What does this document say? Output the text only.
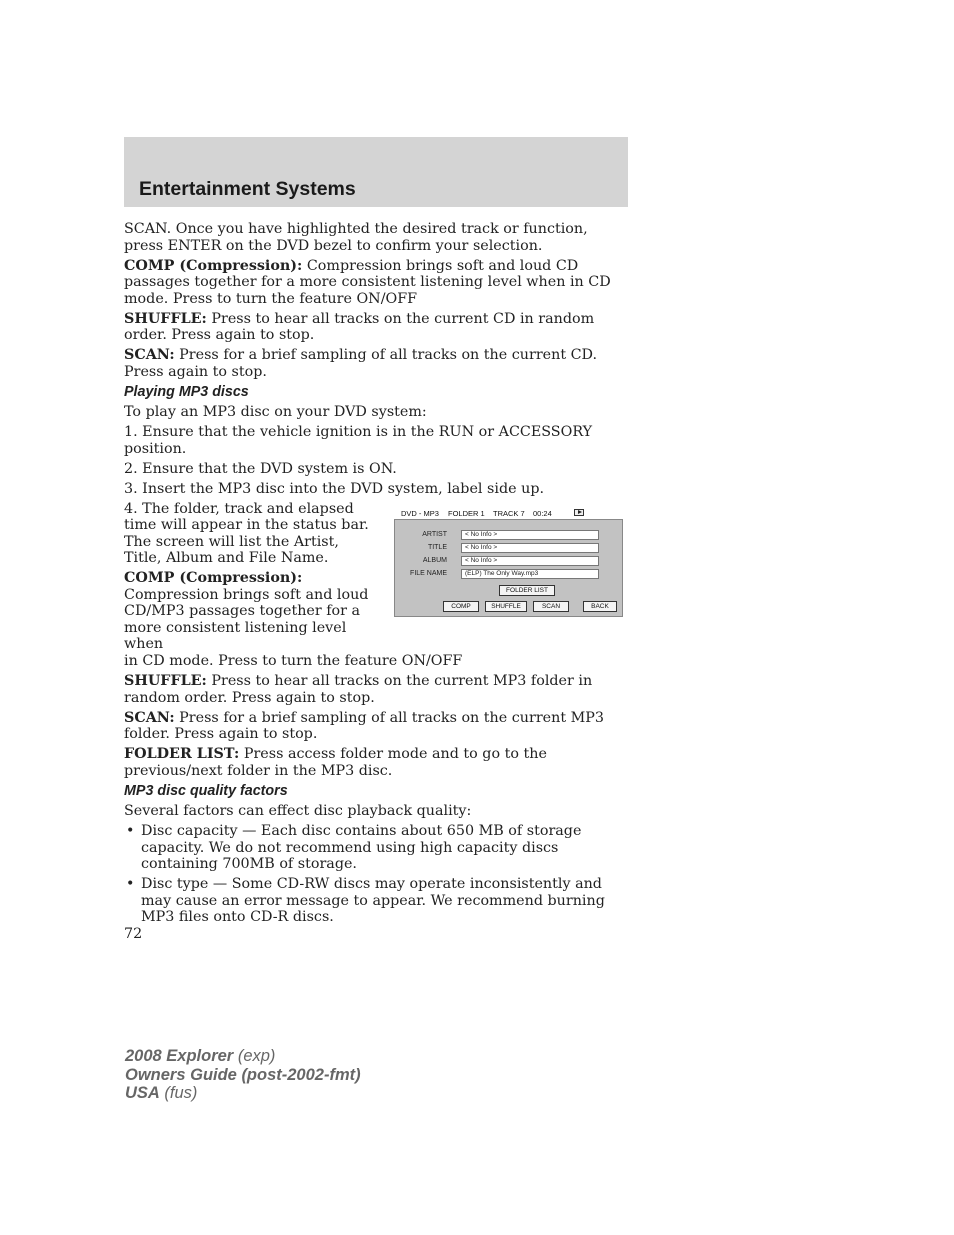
Entertainment Systems

SCAN. Once you have highlighted the desired track or function, press ENTER on the DVD bezel to confirm your selection.

COMP (Compression): Compression brings soft and loud CD passages together for a more consistent listening level when in CD mode. Press to turn the feature ON/OFF

SHUFFLE: Press to hear all tracks on the current CD in random order. Press again to stop.

SCAN: Press for a brief sampling of all tracks on the current CD. Press again to stop.

Playing MP3 discs

To play an MP3 disc on your DVD system:

1. Ensure that the vehicle ignition is in the RUN or ACCESSORY position.

2. Ensure that the DVD system is ON.

3. Insert the MP3 disc into the DVD system, label side up.

4. The folder, track and elapsed time will appear in the status bar. The screen will list the Artist, Title, Album and File Name.

COMP (Compression):
Compression brings soft and loud CD/MP3 passages together for a more consistent listening level when
in CD mode. Press to turn the feature ON/OFF

SHUFFLE: Press to hear all tracks on the current MP3 folder in random order. Press again to stop.

SCAN: Press for a brief sampling of all tracks on the current MP3 folder. Press again to stop.

FOLDER LIST: Press access folder mode and to go to the previous/next folder in the MP3 disc.

MP3 disc quality factors

Several factors can effect disc playback quality:

• Disc capacity — Each disc contains about 650 MB of storage capacity. We do not recommend using high capacity discs containing 700MB of storage.
• Disc type — Some CD-RW discs may operate inconsistently and may cause an error message to appear. We recommend burning MP3 files onto CD-R discs.
DVD - MP3 FOLDER 1 TRACK 7 00:24
ARTIST	< No Info >
TITLE	< No Info >
ALBUM	< No Info >
FILE NAME	(ELP) The Only Way.mp3
FOLDER LIST
COMP	SHUFFLE	SCAN	BACK
72
2008 Explorer (exp)
Owners Guide (post-2002-fmt)
USA (fus)
